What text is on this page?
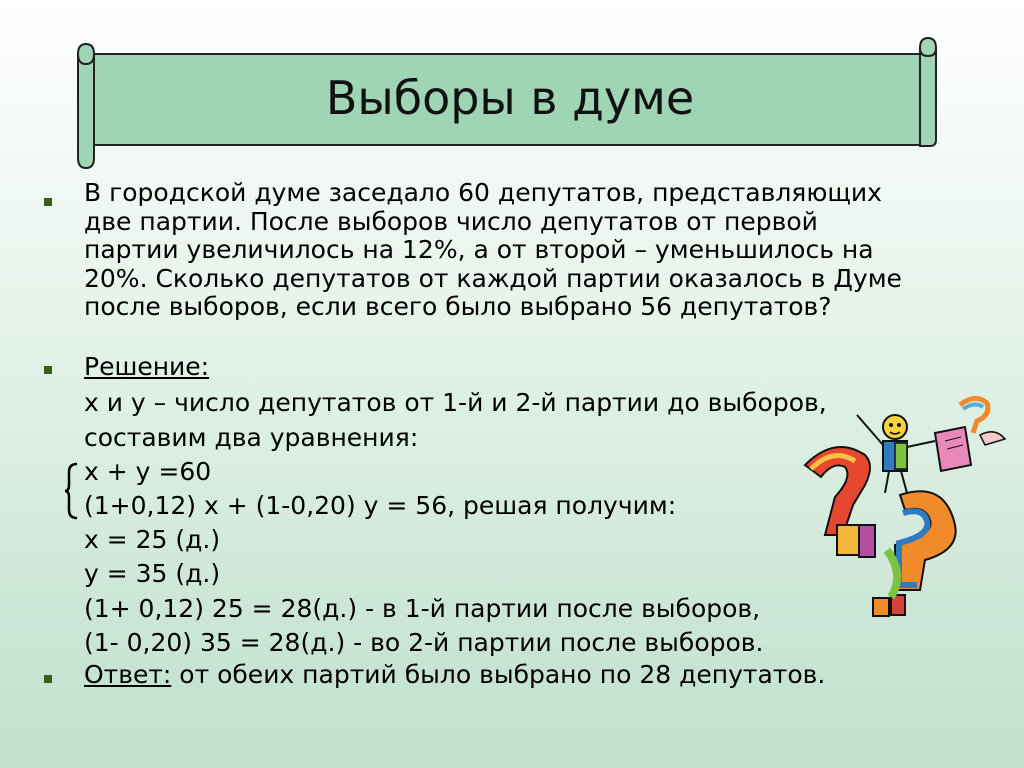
Выборы в думе
В городской думе заседало 60 депутатов, представляющих две партии. После выборов число депутатов от первой партии увеличилось на 12%, а от второй – уменьшилось на 20%. Сколько депутатов от каждой партии оказалось в Думе после выборов, если всего было выбрано 56 депутатов?
Решение:
x и y – число депутатов от 1-й и 2-й партии до выборов,
составим два уравнения:
x + y =60
(1+0,12) x + (1-0,20) y = 56, решая получим:
x = 25 (д.)
y = 35 (д.)
(1+ 0,12) 25 = 28(д.) - в 1-й партии после выборов,
(1- 0,20) 35 = 28(д.) - во 2-й партии после выборов.
Ответ: от обеих партий было выбрано по 28 депутатов.
